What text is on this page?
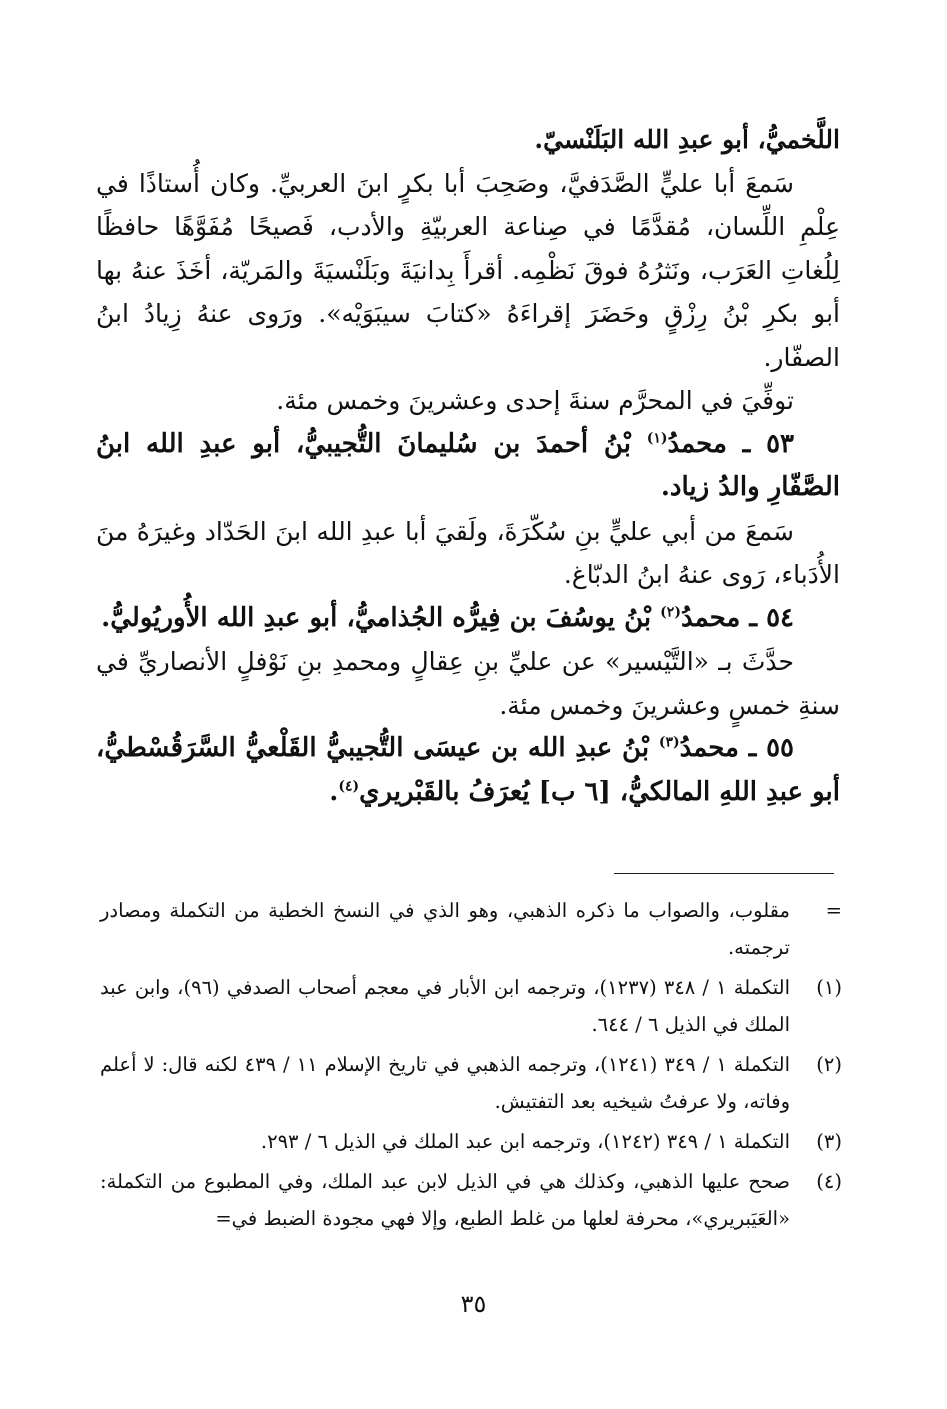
اللَّخميُّ، أبو عبدِ الله البَلَنْسيّ.

سَمعَ أبا عليٍّ الصَّدَفيَّ، وصَحِبَ أبا بكرٍ ابنَ العربيِّ. وكان أُستاذًا في عِلْمِ اللِّسان، مُقدَّمًا في صِناعة العربيّةِ والأدب، فَصيحًا مُفَوَّهًا حافظًا لِلُغاتِ العَرَب، ونَثرُهُ فوقَ نَظْمِه. أقرأَ بِدانيَةَ وبَلَنْسيَةَ والمَريّة، أخَذَ عنهُ بها أبو بكرِ بْنُ رِزْقٍ وحَضَرَ إقراءَهُ «كتابَ سيبَوَيْه». ورَوى عنهُ زِيادُ ابنُ الصفّار.

توفِّيَ في المحرَّم سنةَ إحدى وعشرينَ وخمس مئة.

٥٣ ـ محمدُ$^{(١)}$ بْنُ أحمدَ بن سُليمانَ التُّجيبيُّ، أبو عبدِ الله ابنُ الصَّفّارِ والدُ زياد.

سَمعَ من أبي عليٍّ بنِ سُكّرَةَ، ولَقيَ أبا عبدِ الله ابنَ الحَدّاد وغيرَهُ منَ الأُدَباء، رَوى عنهُ ابنُ الدبّاغ.

٥٤ ـ محمدُ$^{(٢)}$ بْنُ يوسُفَ بن فِيرُّه الجُذاميُّ، أبو عبدِ الله الأُوريُوليُّ.

حدَّثَ بـ «التَّيْسير» عن عليِّ بنِ عِقالٍ ومحمدِ بنِ نَوْفلٍ الأنصاريِّ في سنةِ خمسٍ وعشرينَ وخمس مئة.

٥٥ ـ محمدُ$^{(٣)}$ بْنُ عبدِ الله بن عيسَى التُّجيبيُّ القَلْعيُّ السَّرَقُسْطيُّ، أبو عبدِ اللهِ المالكيُّ، [٦ ب] يُعرَفُ بالقَبْريري$^{(٤)}$.

=
مقلوب، والصواب ما ذكره الذهبي، وهو الذي في النسخ الخطية من التكملة ومصادر ترجمته.
(١)
التكملة ١ / ٣٤٨ (١٢٣٧)، وترجمه ابن الأبار في معجم أصحاب الصدفي (٩٦)، وابن عبد الملك في الذيل ٦ / ٦٤٤.
(٢)
التكملة ١ / ٣٤٩ (١٢٤١)، وترجمه الذهبي في تاريخ الإسلام ١١ / ٤٣٩ لكنه قال: لا أعلم وفاته، ولا عرفتُ شيخيه بعد التفتيش.
(٣)
التكملة ١ / ٣٤٩ (١٢٤٢)، وترجمه ابن عبد الملك في الذيل ٦ / ٢٩٣.
(٤)
صحح عليها الذهبي، وكذلك هي في الذيل لابن عبد الملك، وفي المطبوع من التكملة: «العَيَبريري»، محرفة لعلها من غلط الطبع، وإلا فهي مجودة الضبط في=
٣٥
